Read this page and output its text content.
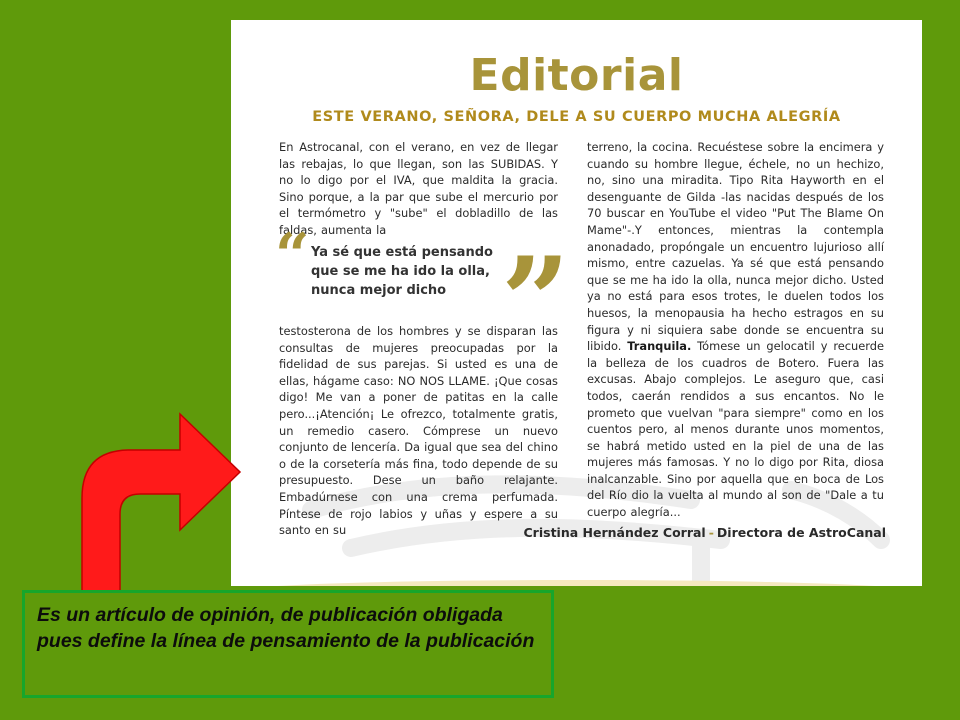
Editorial
ESTE VERANO, SEÑORA, DELE A SU CUERPO MUCHA ALEGRÍA

En Astrocanal, con el verano, en vez de llegar las rebajas, lo que llegan, son las SUBIDAS. Y no lo digo por el IVA, que maldita la gracia. Sino porque, a la par que sube el mercurio por el termómetro y "sube" el dobladillo de las faldas, aumenta la

“ Ya sé que está pensando que se me ha ido la olla, nunca mejor dicho ”

testosterona de los hombres y se disparan las consultas de mujeres preocupadas por la fidelidad de sus parejas. Si usted es una de ellas, hágame caso: NO NOS LLAME. ¡Que cosas digo! Me van a poner de patitas en la calle pero...¡Atención¡ Le ofrezco, totalmente gratis, un remedio casero. Cómprese un nuevo conjunto de lencería. Da igual que sea del chino o de la corsetería más fina, todo depende de su presupuesto. Dese un baño relajante. Embadúrnese con una crema perfumada. Píntese de rojo labios y uñas y espere a su santo en su

terreno, la cocina. Recuéstese sobre la encimera y cuando su hombre llegue, échele, no un hechizo, no, sino una miradita. Tipo Rita Hayworth en el desenguante de Gilda -las nacidas después de los 70 buscar en YouTube el video "Put The Blame On Mame"-.Y entonces, mientras la contempla anonadado, propóngale un encuentro lujurioso allí mismo, entre cazuelas. Ya sé que está pensando que se me ha ido la olla, nunca mejor dicho. Usted ya no está para esos trotes, le duelen todos los huesos, la menopausia ha hecho estragos en su figura y ni siquiera sabe donde se encuentra su libido. Tranquila. Tómese un gelocatil y recuerde la belleza de los cuadros de Botero. Fuera las excusas. Abajo complejos. Le aseguro que, casi todos, caerán rendidos a sus encantos. No le prometo que vuelvan "para siempre" como en los cuentos pero, al menos durante unos momentos, se habrá metido usted en la piel de una de las mujeres más famosas. Y no lo digo por Rita, diosa inalcanzable. Sino por aquella que en boca de Los del Río dio la vuelta al mundo al son de "Dale a tu cuerpo alegría...

Cristina Hernández Corral - Directora de AstroCanal
Es un artículo de opinión, de publicación obligada pues define la línea de pensamiento de la publicación
